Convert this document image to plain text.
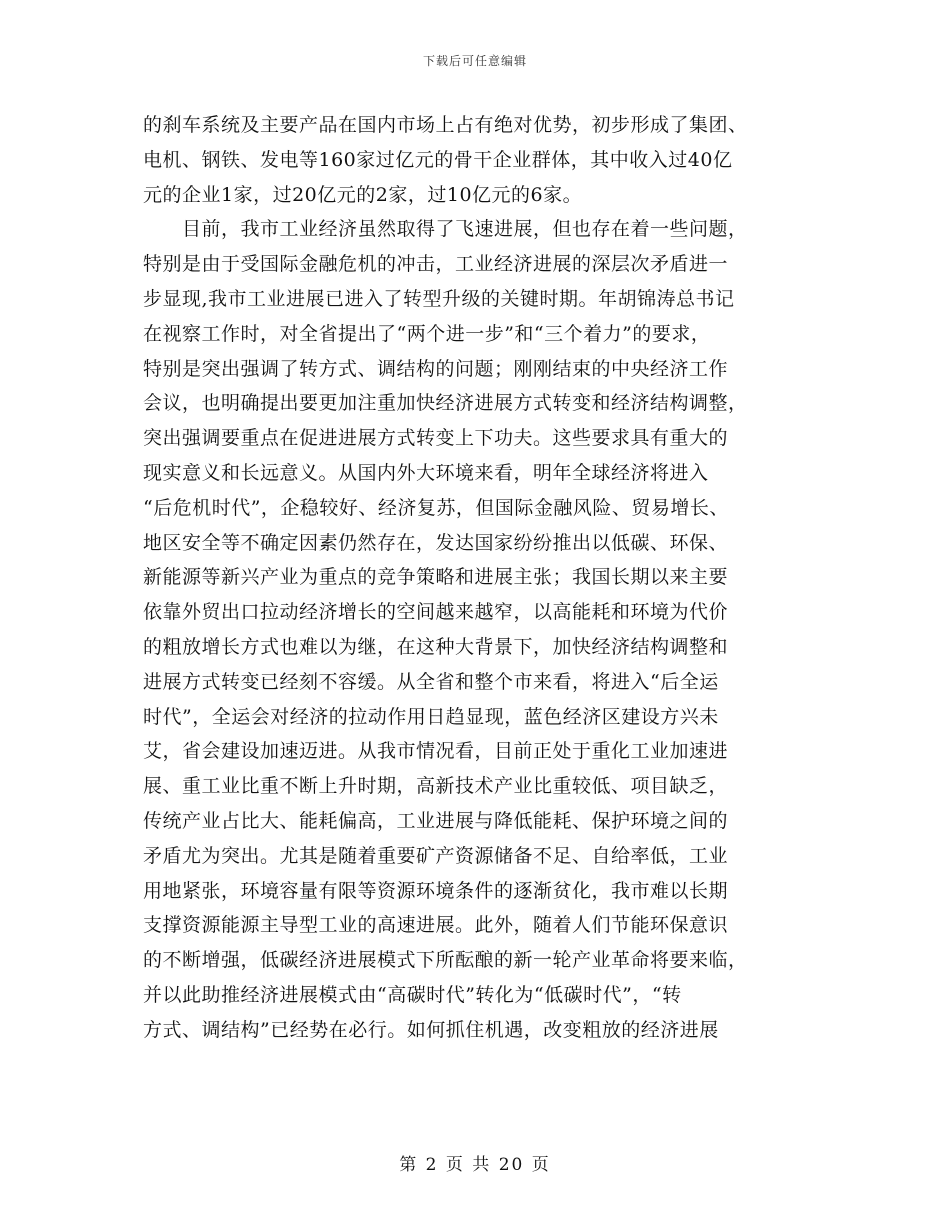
下载后可任意编辑
的刹车系统及主要产品在国内市场上占有绝对优势，初步形成了集团、
电机、钢铁、发电等160家过亿元的骨干企业群体，其中收入过40亿
元的企业1家，过20亿元的2家，过10亿元的6家。
　　目前，我市工业经济虽然取得了飞速进展，但也存在着一些问题，
特别是由于受国际金融危机的冲击，工业经济进展的深层次矛盾进一
步显现,我市工业进展已进入了转型升级的关键时期。年胡锦涛总书记
在视察工作时，对全省提出了“两个进一步”和“三个着力”的要求，
特别是突出强调了转方式、调结构的问题；刚刚结束的中央经济工作
会议，也明确提出要更加注重加快经济进展方式转变和经济结构调整，
突出强调要重点在促进进展方式转变上下功夫。这些要求具有重大的
现实意义和长远意义。从国内外大环境来看，明年全球经济将进入
“后危机时代”，企稳较好、经济复苏，但国际金融风险、贸易增长、
地区安全等不确定因素仍然存在，发达国家纷纷推出以低碳、环保、
新能源等新兴产业为重点的竞争策略和进展主张；我国长期以来主要
依靠外贸出口拉动经济增长的空间越来越窄，以高能耗和环境为代价
的粗放增长方式也难以为继，在这种大背景下，加快经济结构调整和
进展方式转变已经刻不容缓。从全省和整个市来看，将进入“后全运
时代”，全运会对经济的拉动作用日趋显现，蓝色经济区建设方兴未
艾，省会建设加速迈进。从我市情况看，目前正处于重化工业加速进
展、重工业比重不断上升时期，高新技术产业比重较低、项目缺乏，
传统产业占比大、能耗偏高，工业进展与降低能耗、保护环境之间的
矛盾尤为突出。尤其是随着重要矿产资源储备不足、自给率低，工业
用地紧张，环境容量有限等资源环境条件的逐渐贫化，我市难以长期
支撑资源能源主导型工业的高速进展。此外，随着人们节能环保意识
的不断增强，低碳经济进展模式下所酝酿的新一轮产业革命将要来临，
并以此助推经济进展模式由“高碳时代”转化为“低碳时代”，“转
方式、调结构”已经势在必行。如何抓住机遇，改变粗放的经济进展
第 2 页 共 20 页
